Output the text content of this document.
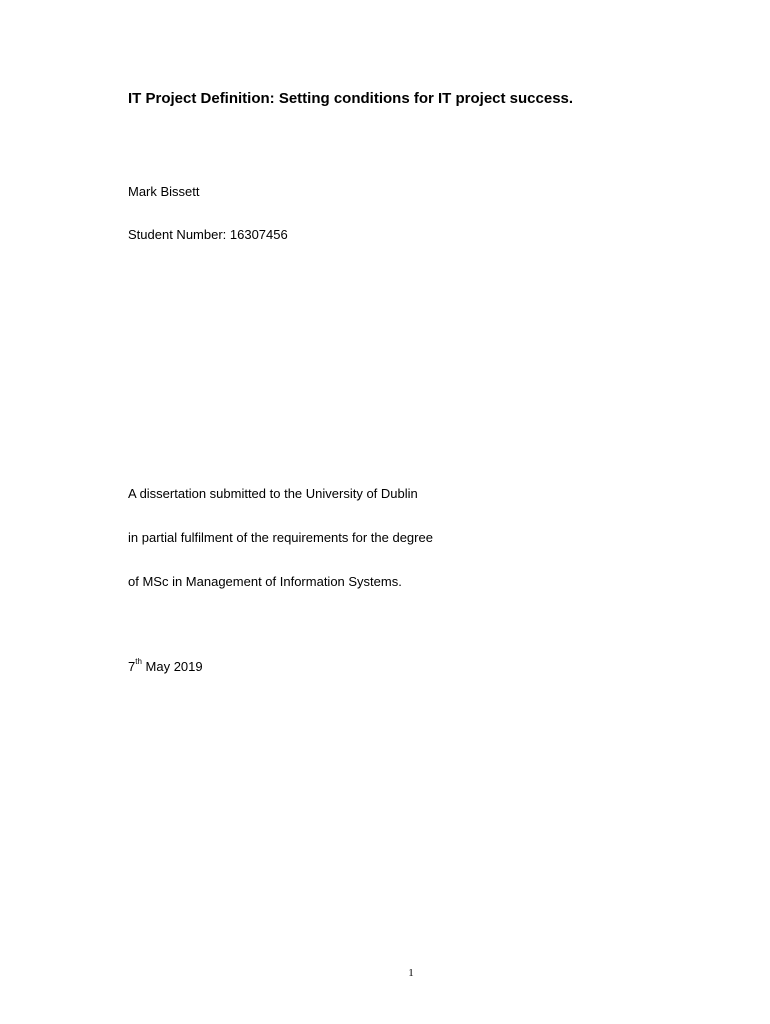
IT Project Definition: Setting conditions for IT project success.
Mark Bissett
Student Number: 16307456
A dissertation submitted to the University of Dublin
in partial fulfilment of the requirements for the degree
of MSc in Management of Information Systems.
7th May 2019
1
